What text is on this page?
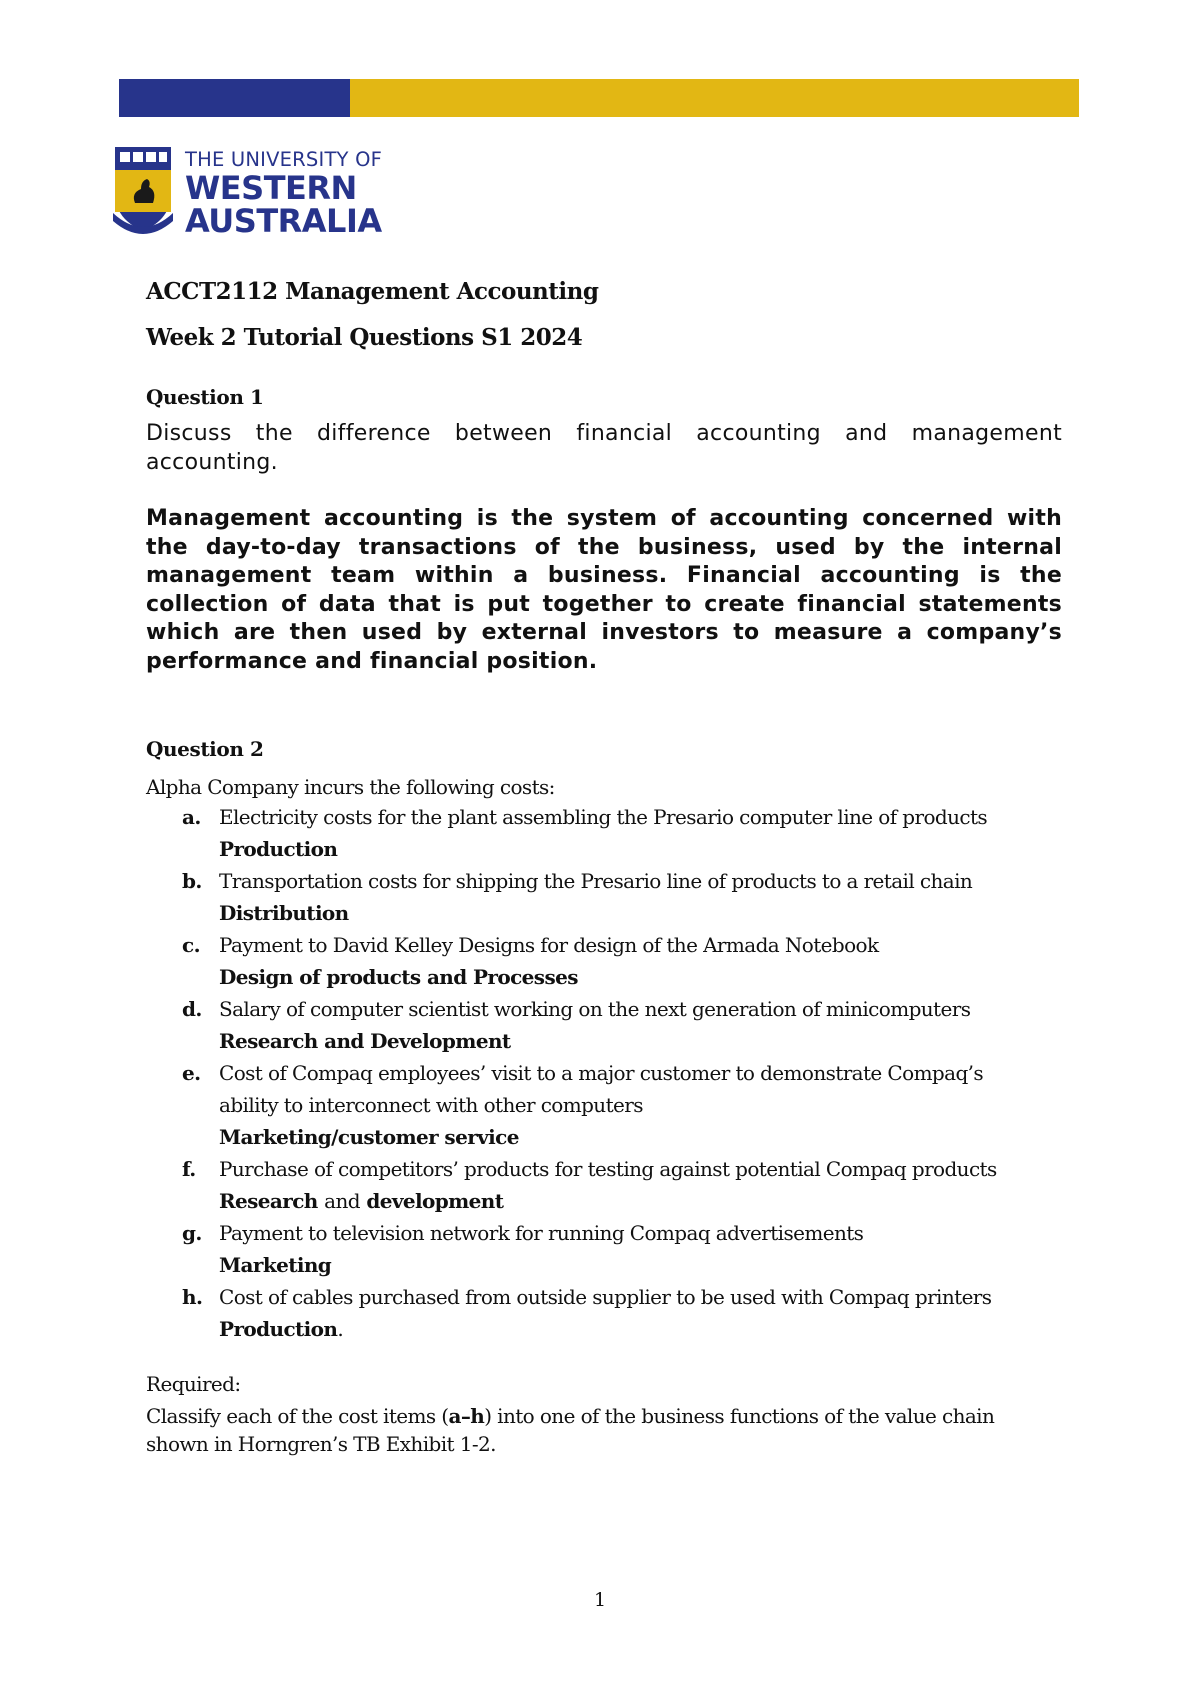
THE UNIVERSITY OF
WESTERN
AUSTRALIA
ACCT2112 Management Accounting
Week 2 Tutorial Questions S1 2024
Question 1
Discuss the difference between financial accounting and management accounting.
Management accounting is the system of accounting concerned with the day-to-day transactions of the business, used by the internal management team within a business. Financial accounting is the collection of data that is put together to create financial statements which are then used by external investors to measure a company’s performance and financial position.
Question 2
Alpha Company incurs the following costs:
a. Electricity costs for the plant assembling the Presario computer line of products
Production
b. Transportation costs for shipping the Presario line of products to a retail chain
Distribution
c. Payment to David Kelley Designs for design of the Armada Notebook
Design of products and Processes
d. Salary of computer scientist working on the next generation of minicomputers
Research and Development
e. Cost of Compaq employees’ visit to a major customer to demonstrate Compaq’s
ability to interconnect with other computers
Marketing/customer service
f. Purchase of competitors’ products for testing against potential Compaq products
Research and development
g. Payment to television network for running Compaq advertisements
Marketing
h. Cost of cables purchased from outside supplier to be used with Compaq printers
Production.
Required:
Classify each of the cost items (a–h) into one of the business functions of the value chain shown in Horngren’s TB Exhibit 1-2.
1
